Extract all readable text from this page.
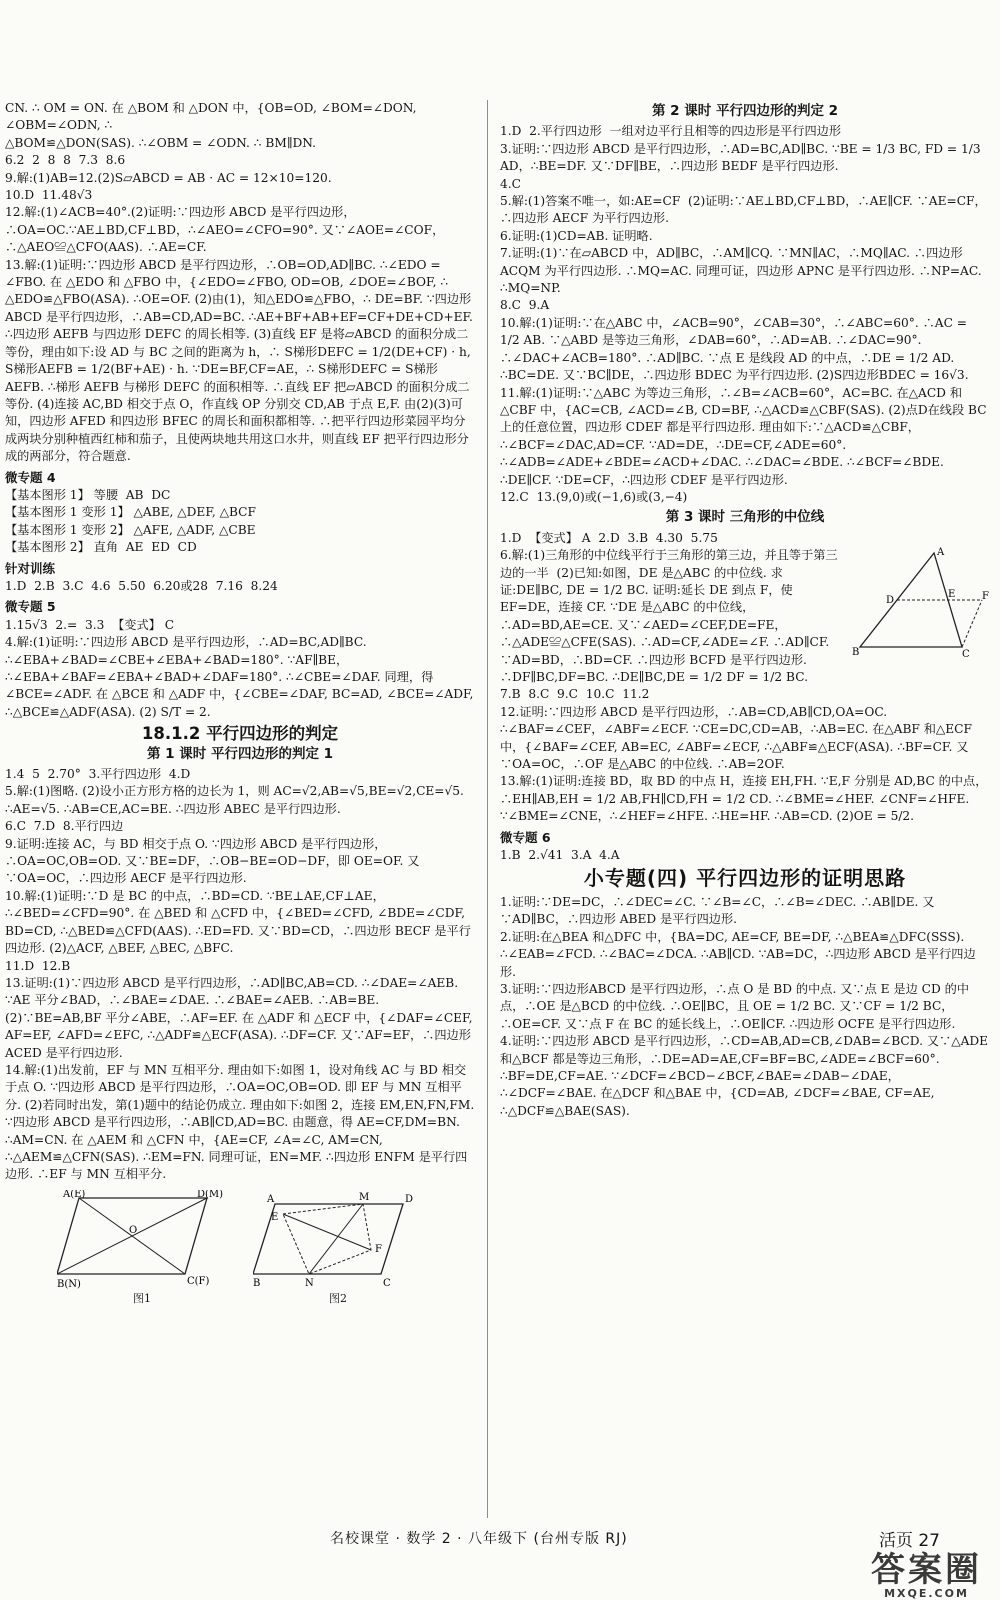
CN. ∴ OM = ON. 在 △BOM 和 △DON 中，{OB=OD, ∠BOM=∠DON, ∠OBM=∠ODN, ∴

△BOM≌△DON(SAS). ∴∠OBM = ∠ODN. ∴ BM∥DN.

6.2  2  8  8  7.3  8.6

9.解:(1)AB=12.(2)S▱ABCD = AB · AC = 12×10=120.

10.D  11.48√3

12.解:(1)∠ACB=40°.(2)证明:∵四边形 ABCD 是平行四边形，∴OA=OC.∵AE⊥BD,CF⊥BD，∴∠AEO=∠CFO=90°. 又∵∠AOE=∠COF，∴△AEO≌△CFO(AAS). ∴AE=CF.

13.解:(1)证明:∵四边形 ABCD 是平行四边形，∴OB=OD,AD∥BC. ∴∠EDO = ∠FBO. 在 △EDO 和 △FBO 中，{∠EDO=∠FBO, OD=OB, ∠DOE=∠BOF, ∴ △EDO≌△FBO(ASA). ∴OE=OF. (2)由(1)，知△EDO≌△FBO，∴ DE=BF. ∵四边形 ABCD 是平行四边形，∴AB=CD,AD=BC. ∴AE+BF+AB+EF=CF+DE+CD+EF. ∴四边形 AEFB 与四边形 DEFC 的周长相等. (3)直线 EF 是将▱ABCD 的面积分成二等份，理由如下:设 AD 与 BC 之间的距离为 h，∴ S梯形DEFC = 1/2(DE+CF) · h, S梯形AEFB = 1/2(BF+AE) · h. ∵DE=BF,CF=AE，∴ S梯形DEFC = S梯形AEFB. ∴梯形 AEFB 与梯形 DEFC 的面积相等. ∴直线 EF 把▱ABCD 的面积分成二等份. (4)连接 AC,BD 相交于点 O，作直线 OP 分别交 CD,AB 于点 E,F. 由(2)(3)可知，四边形 AFED 和四边形 BFEC 的周长和面积都相等. ∴把平行四边形菜园平均分成两块分别种植西红柿和茄子，且使两块地共用这口水井，则直线 EF 把平行四边形分成的两部分，符合题意.

微专题 4

【基本图形 1】 等腰  AB  DC

【基本图形 1 变形 1】 △ABE, △DEF, △BCF

【基本图形 1 变形 2】 △AFE, △ADF, △CBE

【基本图形 2】 直角  AE  ED  CD

针对训练

1.D  2.B  3.C  4.6  5.50  6.20或28  7.16  8.24

微专题 5

1.15√3  2.=  3.3  【变式】 C

4.解:(1)证明:∵四边形 ABCD 是平行四边形，∴AD=BC,AD∥BC. ∴∠EBA+∠BAD=∠CBE+∠EBA+∠BAD=180°. ∵AF∥BE，∴∠EBA+∠BAF=∠EBA+∠BAD+∠DAF=180°. ∴∠CBE=∠DAF. 同理，得 ∠BCE=∠ADF. 在 △BCE 和 △ADF 中，{∠CBE=∠DAF, BC=AD, ∠BCE=∠ADF, ∴△BCE≌△ADF(ASA). (2) S/T = 2.

18.1.2 平行四边形的判定

第 1 课时 平行四边形的判定 1

1.4  5  2.70°  3.平行四边形  4.D

5.解:(1)图略. (2)设小正方形方格的边长为 1，则 AC=√2,AB=√5,BE=√2,CE=√5. ∴AE=√5. ∴AB=CE,AC=BE. ∴四边形 ABEC 是平行四边形.

6.C  7.D  8.平行四边

9.证明:连接 AC，与 BD 相交于点 O. ∵四边形 ABCD 是平行四边形，∴OA=OC,OB=OD. 又∵BE=DF，∴OB−BE=OD−DF，即 OE=OF. 又∵OA=OC，∴四边形 AECF 是平行四边形.

10.解:(1)证明:∵D 是 BC 的中点，∴BD=CD. ∵BE⊥AE,CF⊥AE，∴∠BED=∠CFD=90°. 在 △BED 和 △CFD 中，{∠BED=∠CFD, ∠BDE=∠CDF, BD=CD, ∴△BED≌△CFD(AAS). ∴ED=FD. 又∵BD=CD，∴四边形 BECF 是平行四边形. (2)△ACF, △BEF, △BEC, △BFC.

11.D  12.B

13.证明:(1)∵四边形 ABCD 是平行四边形，∴AD∥BC,AB=CD. ∴∠DAE=∠AEB. ∵AE 平分∠BAD，∴∠BAE=∠DAE. ∴∠BAE=∠AEB. ∴AB=BE. (2)∵BE=AB,BF 平分∠ABE，∴AF=EF. 在 △ADF 和 △ECF 中，{∠DAF=∠CEF, AF=EF, ∠AFD=∠EFC, ∴△ADF≌△ECF(ASA). ∴DF=CF. 又∵AF=EF，∴四边形 ACED 是平行四边形.

14.解:(1)出发前，EF 与 MN 互相平分. 理由如下:如图 1，设对角线 AC 与 BD 相交于点 O. ∵四边形 ABCD 是平行四边形，∴OA=OC,OB=OD. 即 EF 与 MN 互相平分. (2)若同时出发，第(1)题中的结论仍成立. 理由如下:如图 2，连接 EM,EN,FN,FM. ∵四边形 ABCD 是平行四边形，∴AB∥CD,AD=BC. 由题意，得 AE=CF,DM=BN. ∴AM=CN. 在 △AEM 和 △CFN 中，{AE=CF, ∠A=∠C, AM=CN, ∴△AEM≌△CFN(SAS). ∴EM=FN. 同理可证，EN=MF. ∴四边形 ENFM 是平行四边形. ∴EF 与 MN 互相平分.

A(E)	D(M)
O
B(N)	C(F)
图1
A
E
M	D
F
B	N	C
图2

第 2 课时 平行四边形的判定 2

1.D  2.平行四边形  一组对边平行且相等的四边形是平行四边形

3.证明:∵四边形 ABCD 是平行四边形，∴AD=BC,AD∥BC. ∵BE = 1/3 BC, FD = 1/3 AD，∴BE=DF. 又∵DF∥BE，∴四边形 BEDF 是平行四边形.

4.C

5.解:(1)答案不唯一，如:AE=CF  (2)证明:∵AE⊥BD,CF⊥BD，∴AE∥CF. ∵AE=CF，∴四边形 AECF 为平行四边形.

6.证明:(1)CD=AB. 证明略.

7.证明:(1)∵在▱ABCD 中，AD∥BC，∴AM∥CQ. ∵MN∥AC，∴MQ∥AC. ∴四边形 ACQM 为平行四边形. ∴MQ=AC. 同理可证，四边形 APNC 是平行四边形. ∴NP=AC. ∴MQ=NP.

8.C  9.A

10.解:(1)证明:∵在△ABC 中，∠ACB=90°，∠CAB=30°，∴∠ABC=60°. ∴AC = 1/2 AB. ∵△ABD 是等边三角形，∠DAB=60°，∴AD=AB. ∴∠DAC=90°. ∴∠DAC+∠ACB=180°. ∴AD∥BC. ∵点 E 是线段 AD 的中点，∴DE = 1/2 AD. ∴BC=DE. 又∵BC∥DE，∴四边形 BDEC 为平行四边形. (2)S四边形BDEC = 16√3.

11.解:(1)证明:∵△ABC 为等边三角形，∴∠B=∠ACB=60°，AC=BC. 在△ACD 和△CBF 中，{AC=CB, ∠ACD=∠B, CD=BF, ∴△ACD≌△CBF(SAS). (2)点D在线段 BC 上的任意位置，四边形 CDEF 都是平行四边形. 理由如下:∵△ACD≌△CBF，∴∠BCF=∠DAC,AD=CF. ∵AD=DE，∴DE=CF,∠ADE=60°. ∴∠ADB=∠ADE+∠BDE=∠ACD+∠DAC. ∴∠DAC=∠BDE. ∴∠BCF=∠BDE. ∴DE∥CF. ∵DE=CF，∴四边形 CDEF 是平行四边形.

12.C  13.(9,0)或(−1,6)或(3,−4)

第 3 课时 三角形的中位线

1.D  【变式】 A  2.D  3.B  4.30  5.75

6.解:(1)三角形的中位线平行于三角形的第三边，并且等于第三边的一半  (2)已知:如图，DE 是△ABC 的中位线. 求证:DE∥BC, DE = 1/2 BC. 证明:延长 DE 到点 F，使 EF=DE，连接 CF. ∵DE 是△ABC 的中位线，∴AD=BD,AE=CE. 又∵∠AED=∠CEF,DE=FE，∴△ADE≌△CFE(SAS). ∴AD=CF,∠ADE=∠F. ∴AD∥CF. ∵AD=BD，∴BD=CF. ∴四边形 BCFD 是平行四边形. ∴DF∥BC,DF=BC. ∴DE∥BC,DE = 1/2 DF = 1/2 BC.

A
D
E	F
B	C

7.B  8.C  9.C  10.C  11.2

12.证明:∵四边形 ABCD 是平行四边形，∴AB=CD,AB∥CD,OA=OC. ∴∠BAF=∠CEF，∠ABF=∠ECF. ∵CE=DC,CD=AB，∴AB=EC. 在△ABF 和△ECF 中，{∠BAF=∠CEF, AB=EC, ∠ABF=∠ECF, ∴△ABF≌△ECF(ASA). ∴BF=CF. 又∵OA=OC，∴OF 是△ABC 的中位线. ∴AB=2OF.

13.解:(1)证明:连接 BD，取 BD 的中点 H，连接 EH,FH. ∵E,F 分别是 AD,BC 的中点，∴EH∥AB,EH = 1/2 AB,FH∥CD,FH = 1/2 CD. ∴∠BME=∠HEF. ∠CNF=∠HFE. ∵∠BME=∠CNE，∴∠HEF=∠HFE. ∴HE=HF. ∴AB=CD. (2)OE = 5/2.

微专题 6

1.B  2.√41  3.A  4.A

小专题(四) 平行四边形的证明思路

1.证明:∵DE=DC，∴∠DEC=∠C. ∵∠B=∠C，∴∠B=∠DEC. ∴AB∥DE. 又∵AD∥BC，∴四边形 ABED 是平行四边形.

2.证明:在△BEA 和△DFC 中，{BA=DC, AE=CF, BE=DF, ∴△BEA≌△DFC(SSS). ∴∠EAB=∠FCD. ∴∠BAC=∠DCA. ∴AB∥CD. ∵AB=DC，∴四边形 ABCD 是平行四边形.

3.证明:∵四边形ABCD 是平行四边形，∴点 O 是 BD 的中点. 又∵点 E 是边 CD 的中点，∴OE 是△BCD 的中位线. ∴OE∥BC，且 OE = 1/2 BC. 又∵CF = 1/2 BC，∴OE=CF. 又∵点 F 在 BC 的延长线上，∴OE∥CF. ∴四边形 OCFE 是平行四边形.

4.证明:∵四边形 ABCD 是平行四边形，∴CD=AB,AD=CB,∠DAB=∠BCD. 又∵△ADE 和△BCF 都是等边三角形，∴DE=AD=AE,CF=BF=BC,∠ADE=∠BCF=60°. ∴BF=DE,CF=AE. ∵∠DCF=∠BCD−∠BCF,∠BAE=∠DAB−∠DAE，∴∠DCF=∠BAE. 在△DCF 和△BAE 中，{CD=AB, ∠DCF=∠BAE, CF=AE, ∴△DCF≌△BAE(SAS).

名校课堂 · 数学 2 · 八年级下 (台州专版 RJ)	活页 27
答案圈
MXQE.COM
